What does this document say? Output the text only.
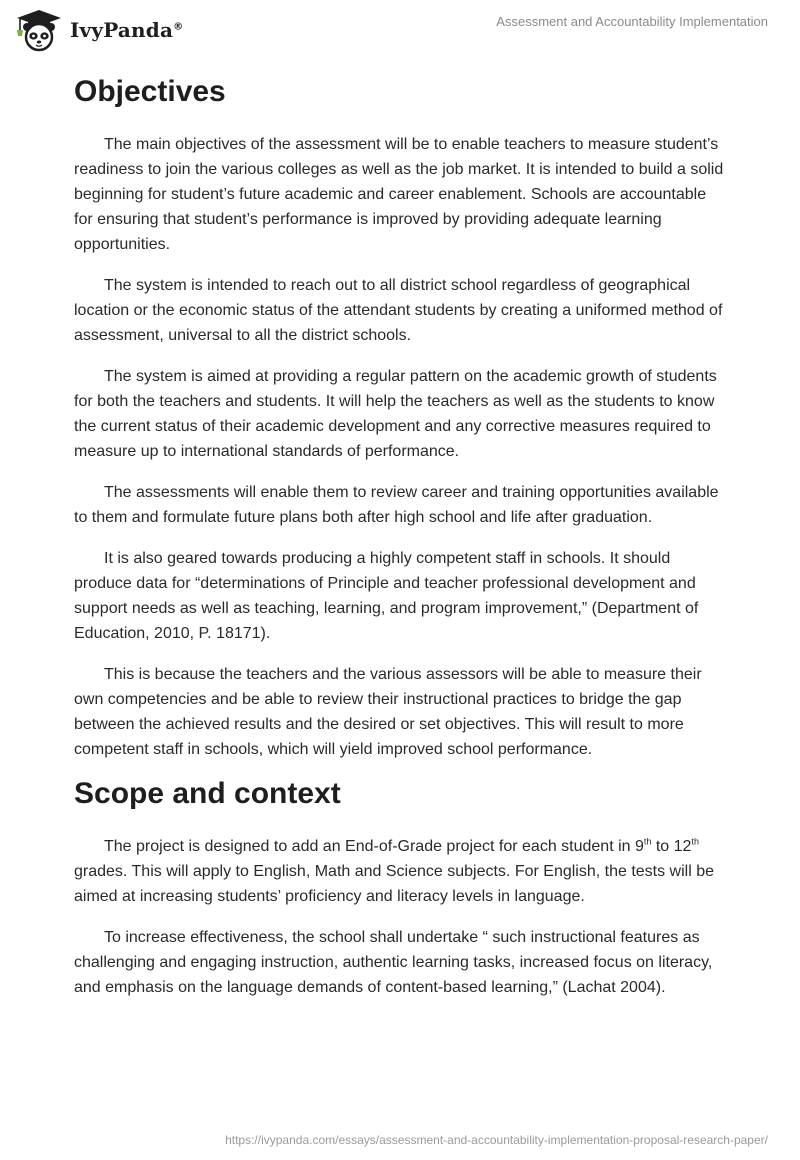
IvyPanda®	Assessment and Accountability Implementation
Objectives

The main objectives of the assessment will be to enable teachers to measure student’s readiness to join the various colleges as well as the job market. It is intended to build a solid beginning for student’s future academic and career enablement. Schools are accountable for ensuring that student’s performance is improved by providing adequate learning opportunities.

The system is intended to reach out to all district school regardless of geographical location or the economic status of the attendant students by creating a uniformed method of assessment, universal to all the district schools.

The system is aimed at providing a regular pattern on the academic growth of students for both the teachers and students. It will help the teachers as well as the students to know the current status of their academic development and any corrective measures required to measure up to international standards of performance.

The assessments will enable them to review career and training opportunities available to them and formulate future plans both after high school and life after graduation.

It is also geared towards producing a highly competent staff in schools. It should produce data for “determinations of Principle and teacher professional development and support needs as well as teaching, learning, and program improvement,” (Department of Education, 2010, P. 18171).

This is because the teachers and the various assessors will be able to measure their own competencies and be able to review their instructional practices to bridge the gap between the achieved results and the desired or set objectives. This will result to more competent staff in schools, which will yield improved school performance.

Scope and context

The project is designed to add an End-of-Grade project for each student in 9th to 12th grades. This will apply to English, Math and Science subjects. For English, the tests will be aimed at increasing students’ proficiency and literacy levels in language.

To increase effectiveness, the school shall undertake “ such instructional features as challenging and engaging instruction, authentic learning tasks, increased focus on literacy, and emphasis on the language demands of content-based learning,” (Lachat 2004).

https://ivypanda.com/essays/assessment-and-accountability-implementation-proposal-research-paper/
